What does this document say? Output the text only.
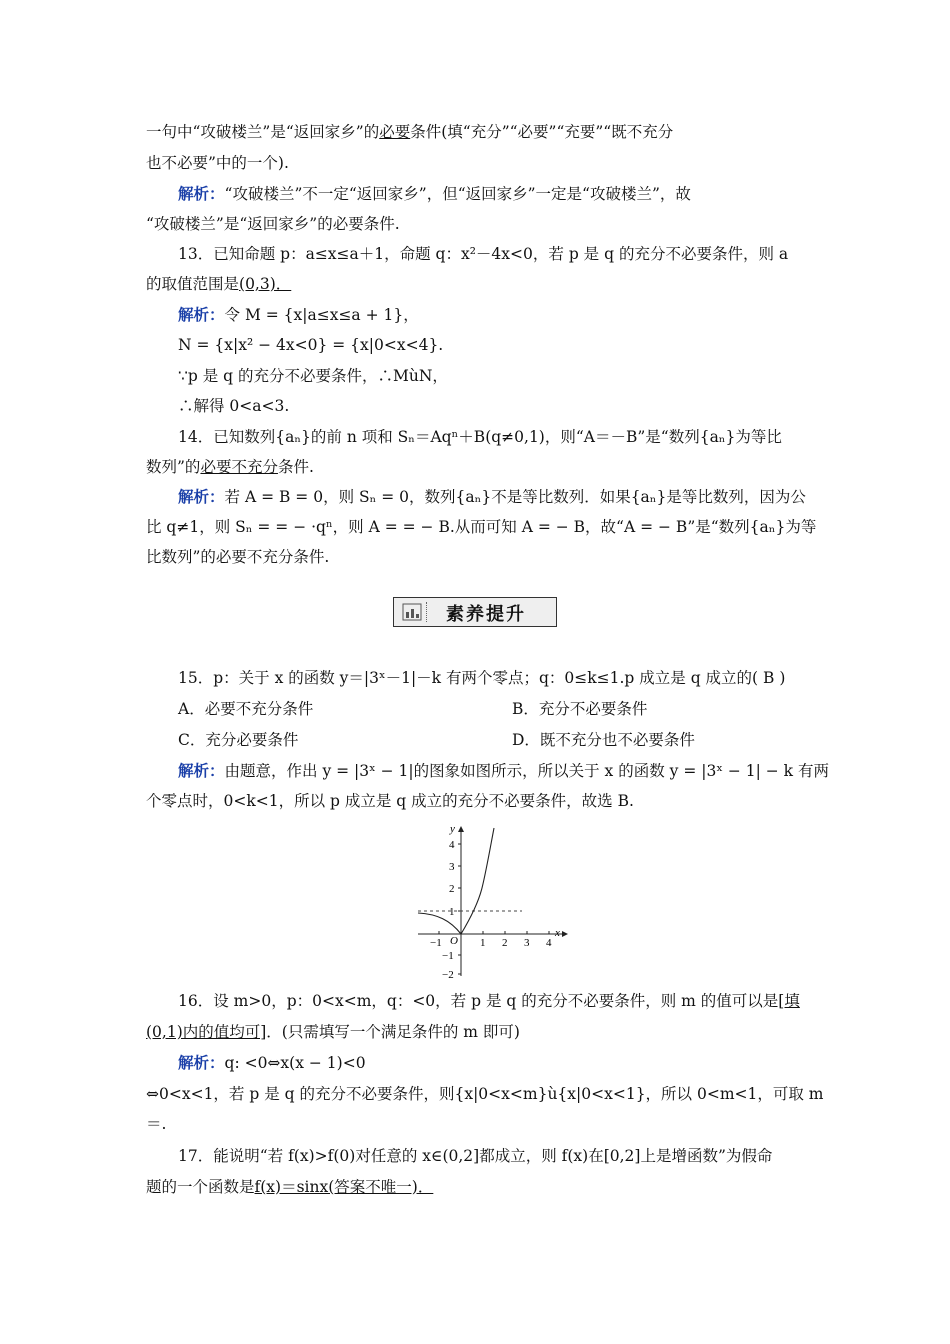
一句中“攻破楼兰”是“返回家乡”的必要条件(填“充分”“必要”“充要”“既不充分
也不必要”中的一个).
解析：“攻破楼兰”不一定“返回家乡”，但“返回家乡”一定是“攻破楼兰”，故
“攻破楼兰”是“返回家乡”的必要条件.
13．已知命题 p：a≤x≤a＋1，命题 q：x²－4x<0，若 p 是 q 的充分不必要条件，则 a
的取值范围是(0,3)．
解析：令 M = {x|a≤x≤a + 1}，
N = {x|x² − 4x<0} = {x|0<x<4}.
∵p 是 q 的充分不必要条件，∴MùN，
∴解得 0<a<3.
14．已知数列{aₙ}的前 n 项和 Sₙ＝Aqⁿ＋B(q≠0,1)，则“A＝－B”是“数列{aₙ}为等比
数列”的必要不充分条件.
解析：若 A = B = 0，则 Sₙ = 0，数列{aₙ}不是等比数列．如果{aₙ}是等比数列，因为公
比 q≠1，则 Sₙ = = − ·qⁿ，则 A = = − B.从而可知 A = − B，故“A = − B”是“数列{aₙ}为等
比数列”的必要不充分条件.
素养提升
15．p：关于 x 的函数 y＝|3ˣ－1|－k 有两个零点；q：0≤k≤1.p 成立是 q 成立的( B )
A．必要不充分条件	B．充分不必要条件
C．充分必要条件	D．既不充分也不必要条件
解析：由题意，作出 y = |3ˣ − 1|的图象如图所示，所以关于 x 的函数 y = |3ˣ − 1| − k 有两
个零点时，0<k<1，所以 p 成立是 q 成立的充分不必要条件，故选 B.
y
x
O
4
3
2
1
−1
−2
−1	1 2 3 4
16．设 m>0，p：0<x<m，q：<0，若 p 是 q 的充分不必要条件，则 m 的值可以是[填
(0,1)内的值均可]．(只需填写一个满足条件的 m 即可)
解析：q: <0⇔x(x − 1)<0
⇔0<x<1，若 p 是 q 的充分不必要条件，则{x|0<x<m}ù{x|0<x<1}，所以 0<m<1，可取 m
＝.
17．能说明“若 f(x)>f(0)对任意的 x∈(0,2]都成立，则 f(x)在[0,2]上是增函数”为假命
题的一个函数是f(x)＝sinx(答案不唯一)．
